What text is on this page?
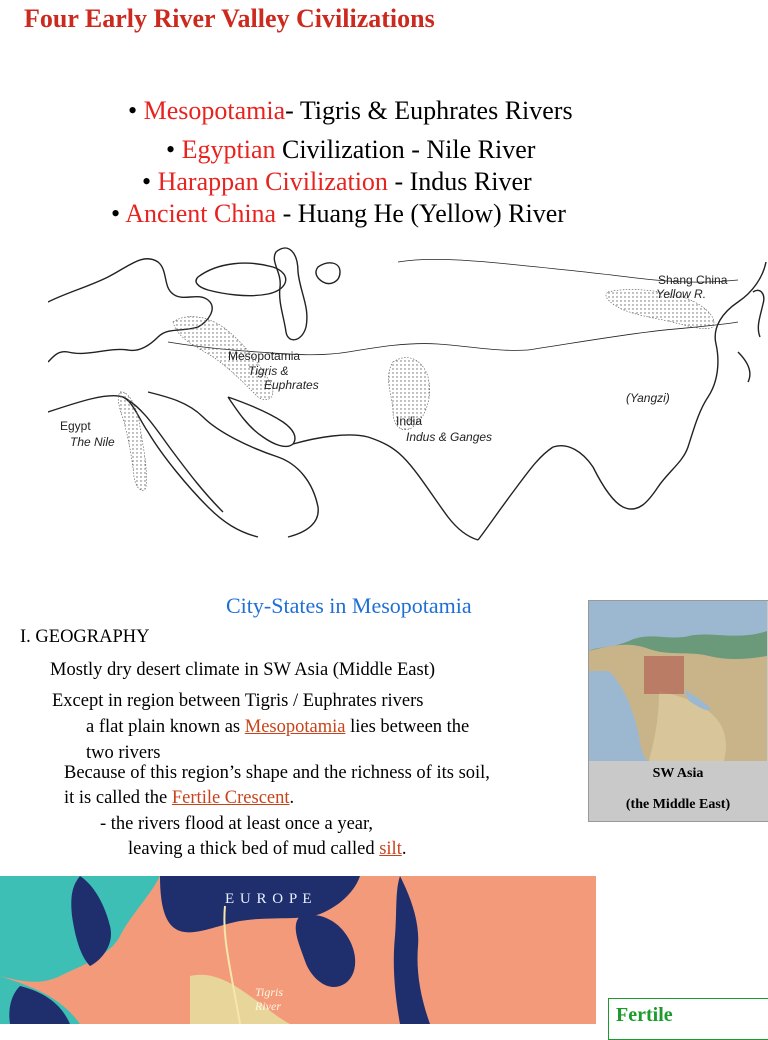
Four Early River Valley Civilizations
• Mesopotamia- Tigris & Euphrates Rivers
• Egyptian Civilization - Nile River
• Harappan Civilization - Indus River
• Ancient China - Huang He (Yellow) River
Shang China
Yellow R.
Mesopotamia
Tigris &
Euphrates
(Yangzi)
India
Indus & Ganges
Egypt
The Nile
City-States in Mesopotamia
I. GEOGRAPHY
Mostly dry desert climate in SW Asia (Middle East)
Except in region between Tigris / Euphrates rivers
a flat plain known as Mesopotamia lies between the
two rivers
Because of this region’s shape and the richness of its soil,
it is called the Fertile Crescent.
- the rivers flood at least once a year,
leaving a thick bed of mud called silt.
SW Asia
(the Middle East)
E U R O P E
Tigris
River	Fertile
